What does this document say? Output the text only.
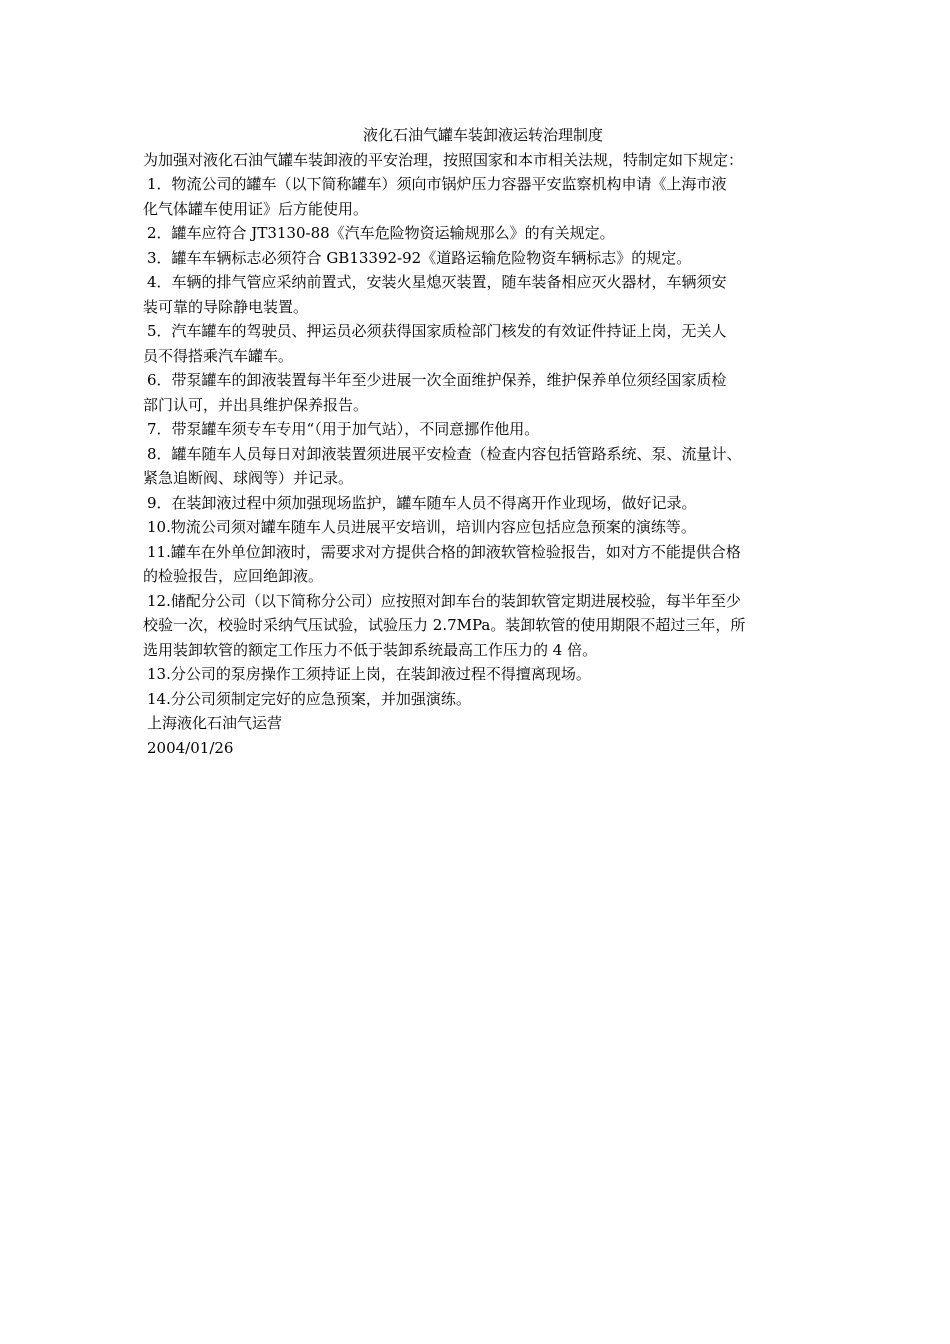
液化石油气罐车装卸液运转治理制度
为加强对液化石油气罐车装卸液的平安治理，按照国家和本市相关法规，特制定如下规定：
1．物流公司的罐车（以下简称罐车）须向市锅炉压力容器平安监察机构申请《上海市液
化气体罐车使用证》后方能使用。
2．罐车应符合 JT3130-88《汽车危险物资运输规那么》的有关规定。
3．罐车车辆标志必须符合 GB13392-92《道路运输危险物资车辆标志》的规定。
4．车辆的排气管应采纳前置式，安装火星熄灭装置，随车装备相应灭火器材，车辆须安
装可靠的导除静电装置。
5．汽车罐车的驾驶员、押运员必须获得国家质检部门核发的有效证件持证上岗，无关人
员不得搭乘汽车罐车。
6．带泵罐车的卸液装置每半年至少进展一次全面维护保养，维护保养单位须经国家质检
部门认可，并出具维护保养报告。
7．带泵罐车须专车专用“（用于加气站），不同意挪作他用。
8．罐车随车人员每日对卸液装置须进展平安检查（检查内容包括管路系统、泵、流量计、
紧急追断阀、球阀等）并记录。
9．在装卸液过程中须加强现场监护，罐车随车人员不得离开作业现场，做好记录。
10.物流公司须对罐车随车人员进展平安培训，培训内容应包括应急预案的演练等。
11.罐车在外单位卸液时，需要求对方提供合格的卸液软管检验报告，如对方不能提供合格
的检验报告，应回绝卸液。
12.储配分公司（以下简称分公司）应按照对卸车台的装卸软管定期进展校验，每半年至少
校验一次，校验时采纳气压试验，试验压力 2.7MPa。装卸软管的使用期限不超过三年，所
选用装卸软管的额定工作压力不低于装卸系统最高工作压力的 4 倍。
13.分公司的泵房操作工须持证上岗，在装卸液过程不得擅离现场。
14.分公司须制定完好的应急预案，并加强演练。
上海液化石油气运营
2004/01/26
